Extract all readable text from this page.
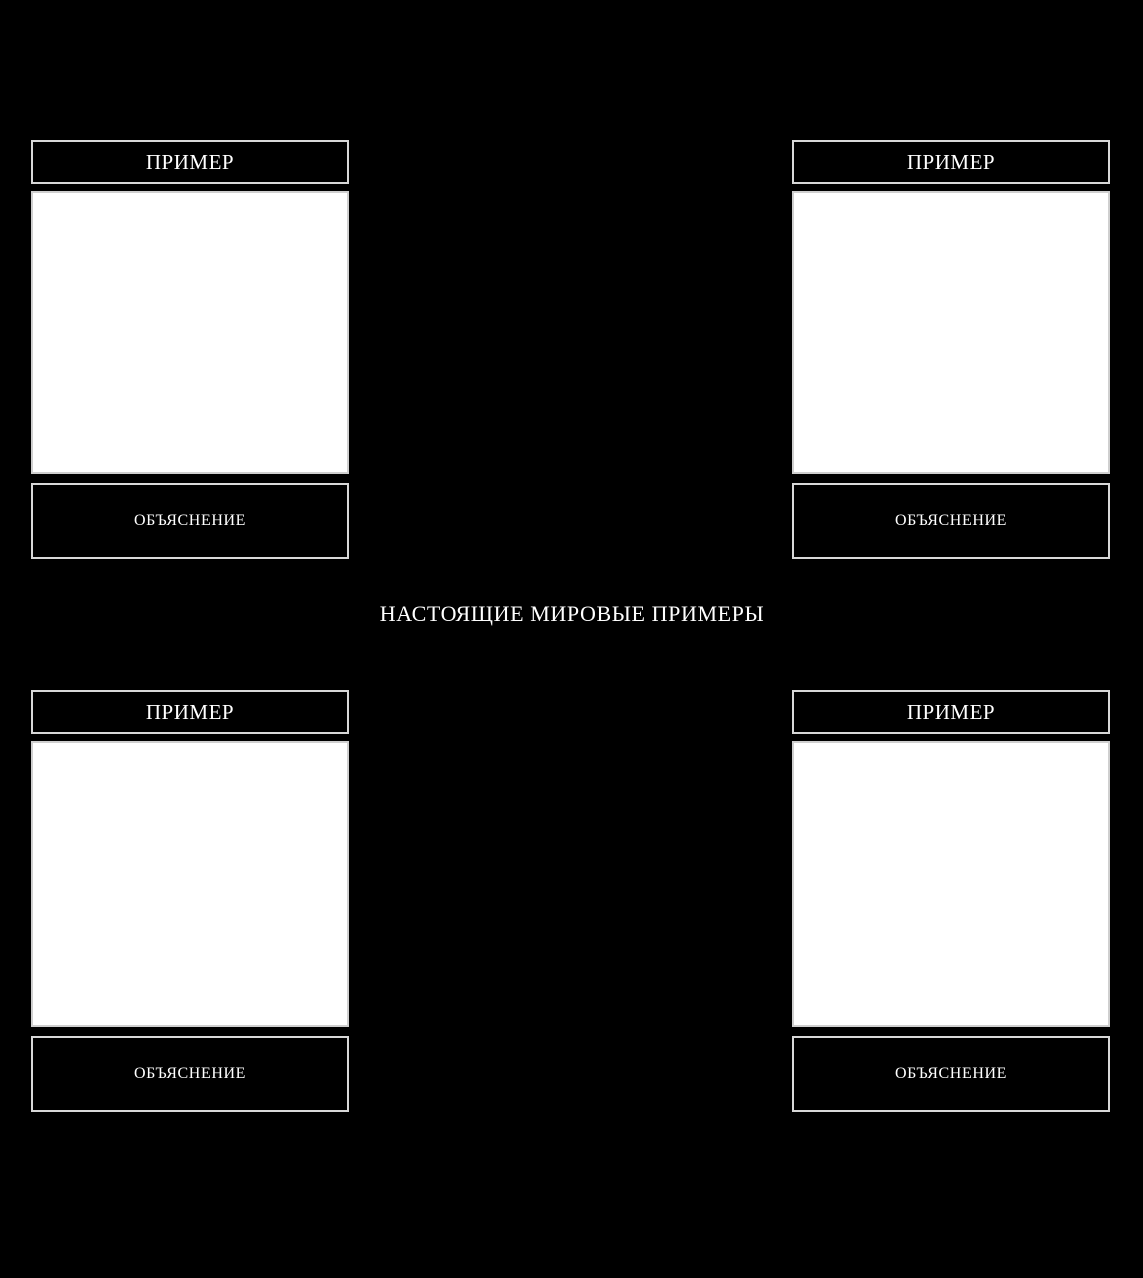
ПРИМЕР
ОБЪЯСНЕНИЕ
ПРИМЕР
ОБЪЯСНЕНИЕ
НАСТОЯЩИЕ МИРОВЫЕ ПРИМЕРЫ
ПРИМЕР
ОБЪЯСНЕНИЕ
ПРИМЕР
ОБЪЯСНЕНИЕ
